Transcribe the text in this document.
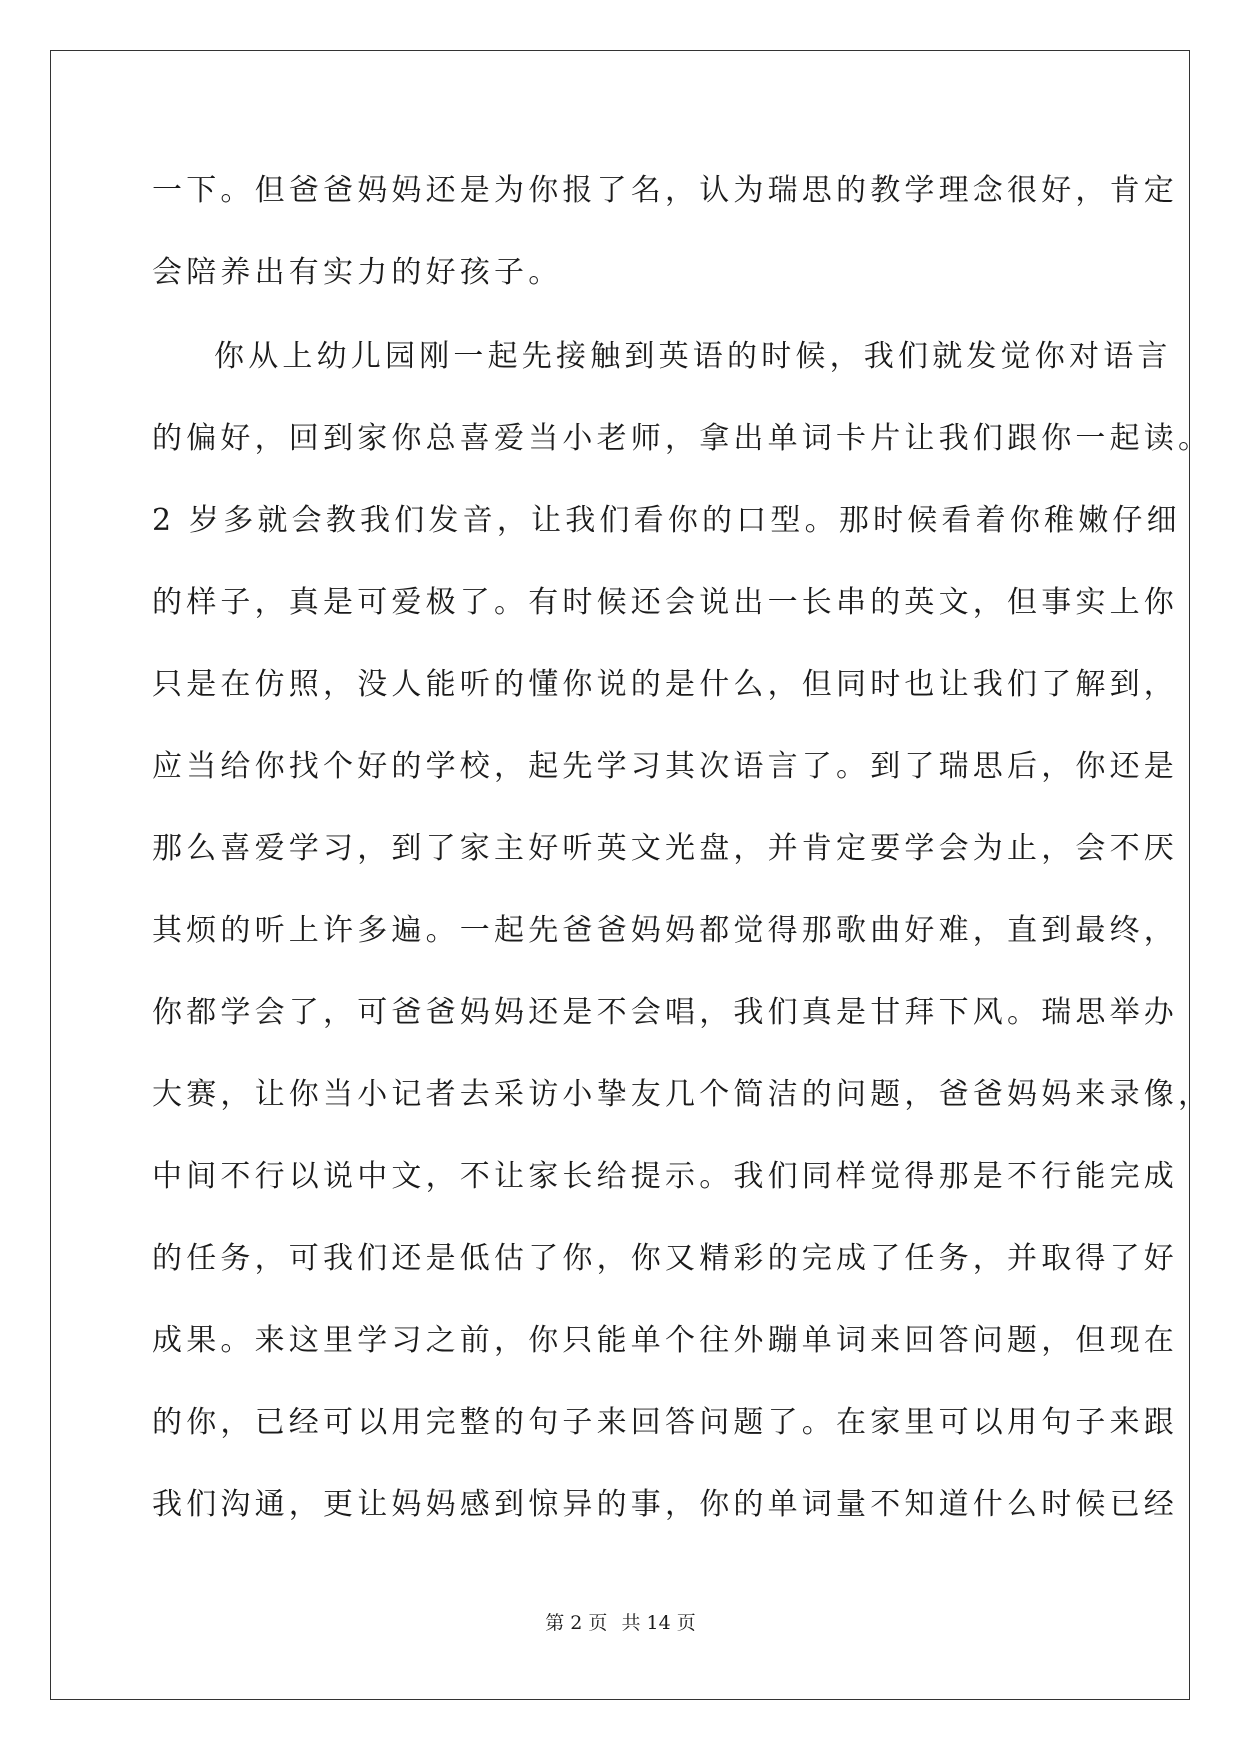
一下。但爸爸妈妈还是为你报了名，认为瑞思的教学理念很好，肯定
会陪养出有实力的好孩子。
你从上幼儿园刚一起先接触到英语的时候，我们就发觉你对语言
的偏好，回到家你总喜爱当小老师，拿出单词卡片让我们跟你一起读。
2 岁多就会教我们发音，让我们看你的口型。那时候看着你稚嫩仔细
的样子，真是可爱极了。有时候还会说出一长串的英文，但事实上你
只是在仿照，没人能听的懂你说的是什么，但同时也让我们了解到，
应当给你找个好的学校，起先学习其次语言了。到了瑞思后，你还是
那么喜爱学习，到了家主好听英文光盘，并肯定要学会为止，会不厌
其烦的听上许多遍。一起先爸爸妈妈都觉得那歌曲好难，直到最终，
你都学会了，可爸爸妈妈还是不会唱，我们真是甘拜下风。瑞思举办
大赛，让你当小记者去采访小挚友几个简洁的问题，爸爸妈妈来录像，
中间不行以说中文，不让家长给提示。我们同样觉得那是不行能完成
的任务，可我们还是低估了你，你又精彩的完成了任务，并取得了好
成果。来这里学习之前，你只能单个往外蹦单词来回答问题，但现在
的你，已经可以用完整的句子来回答问题了。在家里可以用句子来跟
我们沟通，更让妈妈感到惊异的事，你的单词量不知道什么时候已经
第 2 页 共 14 页
